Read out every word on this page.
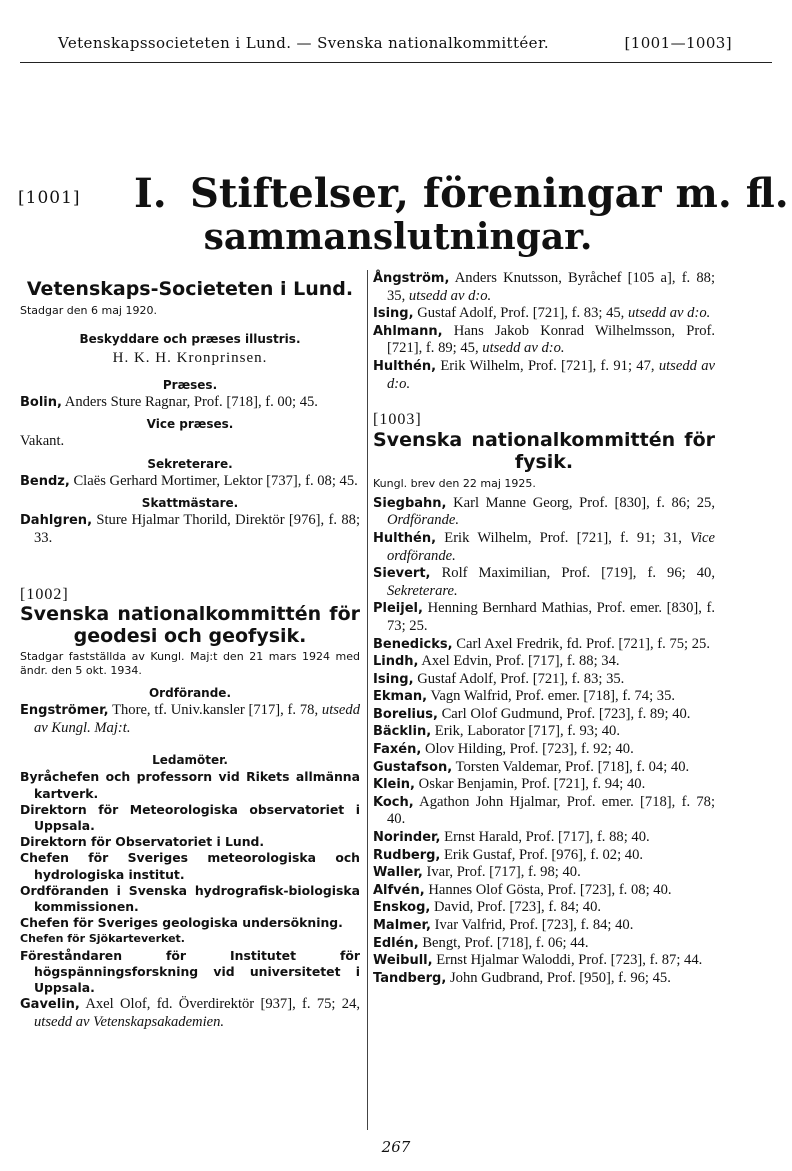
Vetenskapssocieteten i Lund. — Svenska nationalkommittéer.	[1001—1003]
[1001] I. Stiftelser, föreningar m. fl.
sammanslutningar.
Vetenskaps-Societeten i Lund.
Stadgar den 6 maj 1920.
Beskyddare och præses illustris.
H. K. H. Kronprinsen.
Præses.
Bolin, Anders Sture Ragnar, Prof. [718], f. 00; 45.
Vice præses.
Vakant.
Sekreterare.
Bendz, Claës Gerhard Mortimer, Lektor [737], f. 08; 45.
Skattmästare.
Dahlgren, Sture Hjalmar Thorild, Direktör [976], f. 88; 33.
[1002]
Svenska nationalkommittén för
geodesi och geofysik.
Stadgar fastställda av Kungl. Maj:t den 21 mars 1924 med ändr. den 5 okt. 1934.
Ordförande.
Engströmer, Thore, tf. Univ.kansler [717], f. 78, utsedd av Kungl. Maj:t.
Ledamöter.
Byråchefen och professorn vid Rikets allmänna kartverk.
Direktorn för Meteorologiska observatoriet i Uppsala.
Direktorn för Observatoriet i Lund.
Chefen för Sveriges meteorologiska och hydrologiska institut.
Ordföranden i Svenska hydrografisk-biologiska kommissionen.
Chefen för Sveriges geologiska undersökning.
Chefen för Sjökarteverket.
Föreståndaren för Institutet för högspänningsforskning vid universitetet i Uppsala.
Gavelin, Axel Olof, fd. Överdirektör [937], f. 75; 24, utsedd av Vetenskapsakademien.
Ångström, Anders Knutsson, Byråchef [105 a], f. 88; 35, utsedd av d:o.
Ising, Gustaf Adolf, Prof. [721], f. 83; 45, utsedd av d:o.
Ahlmann, Hans Jakob Konrad Wilhelmsson, Prof. [721], f. 89; 45, utsedd av d:o.
Hulthén, Erik Wilhelm, Prof. [721], f. 91; 47, utsedd av d:o.
[1003]
Svenska nationalkommittén för
fysik.
Kungl. brev den 22 maj 1925.
Siegbahn, Karl Manne Georg, Prof. [830], f. 86; 25, Ordförande.
Hulthén, Erik Wilhelm, Prof. [721], f. 91; 31, Vice ordförande.
Sievert, Rolf Maximilian, Prof. [719], f. 96; 40, Sekreterare.
Pleijel, Henning Bernhard Mathias, Prof. emer. [830], f. 73; 25.
Benedicks, Carl Axel Fredrik, fd. Prof. [721], f. 75; 25.
Lindh, Axel Edvin, Prof. [717], f. 88; 34.
Ising, Gustaf Adolf, Prof. [721], f. 83; 35.
Ekman, Vagn Walfrid, Prof. emer. [718], f. 74; 35.
Borelius, Carl Olof Gudmund, Prof. [723], f. 89; 40.
Bäcklin, Erik, Laborator [717], f. 93; 40.
Faxén, Olov Hilding, Prof. [723], f. 92; 40.
Gustafson, Torsten Valdemar, Prof. [718], f. 04; 40.
Klein, Oskar Benjamin, Prof. [721], f. 94; 40.
Koch, Agathon John Hjalmar, Prof. emer. [718], f. 78; 40.
Norinder, Ernst Harald, Prof. [717], f. 88; 40.
Rudberg, Erik Gustaf, Prof. [976], f. 02; 40.
Waller, Ivar, Prof. [717], f. 98; 40.
Alfvén, Hannes Olof Gösta, Prof. [723], f. 08; 40.
Enskog, David, Prof. [723], f. 84; 40.
Malmer, Ivar Valfrid, Prof. [723], f. 84; 40.
Edlén, Bengt, Prof. [718], f. 06; 44.
Weibull, Ernst Hjalmar Waloddi, Prof. [723], f. 87; 44.
Tandberg, John Gudbrand, Prof. [950], f. 96; 45.
267
